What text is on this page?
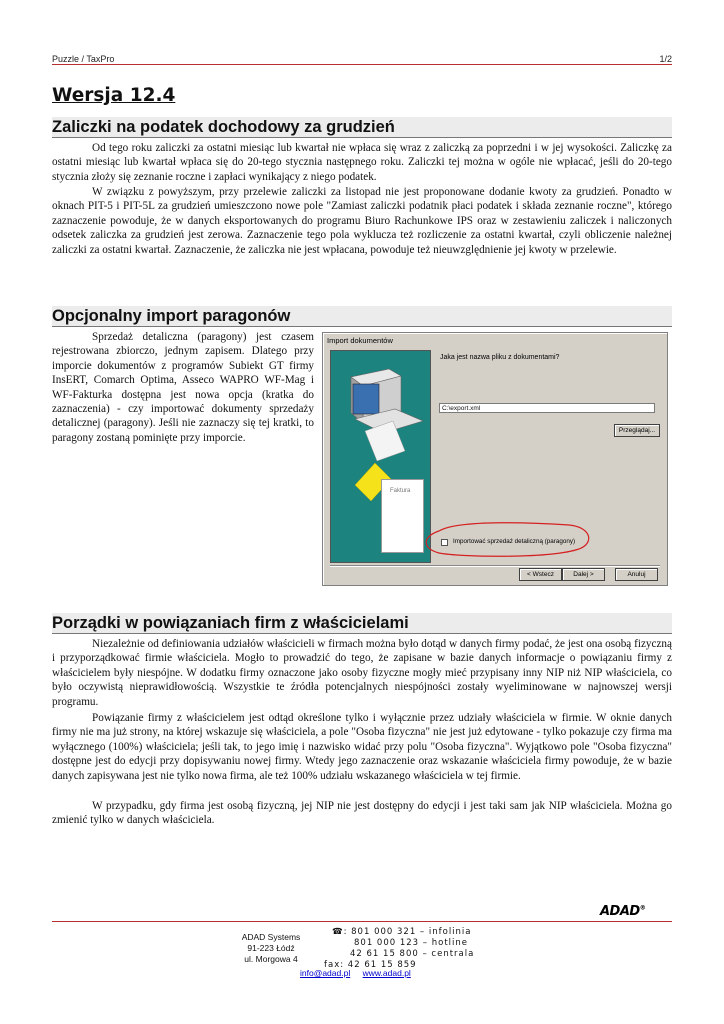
Puzzle / TaxPro	1/2
Wersja 12.4
Zaliczki na podatek dochodowy za grudzień

Od tego roku zaliczki za ostatni miesiąc lub kwartał nie wpłaca się wraz z zaliczką za poprzedni i w jej wysokości. Zaliczkę za ostatni miesiąc lub kwartał wpłaca się do 20-tego stycznia następnego roku. Zaliczki tej można w ogóle nie wpłacać, jeśli do 20-tego stycznia złoży się zeznanie roczne i zapłaci wynikający z niego podatek.

W związku z powyższym, przy przelewie zaliczki za listopad nie jest proponowane dodanie kwoty za grudzień. Ponadto w oknach PIT-5 i PIT-5L za grudzień umieszczono nowe pole "Zamiast zaliczki podatnik płaci podatek i składa zeznanie roczne", którego zaznaczenie powoduje, że w danych eksportowanych do programu Biuro Rachunkowe IPS oraz w zestawieniu zaliczek i naliczonych odsetek zaliczka za grudzień jest zerowa. Zaznaczenie tego pola wyklucza też rozliczenie za ostatni kwartał, czyli obliczenie należnej zaliczki za ostatni kwartał. Zaznaczenie, że zaliczka nie jest wpłacana, powoduje też nieuwzględnienie jej kwoty w przelewie.

Opcjonalny import paragonów

Sprzedaż detaliczna (paragony) jest czasem rejestrowana zbiorczo, jednym zapisem. Dlatego przy imporcie dokumentów z programów Subiekt GT firmy InsERT, Comarch Optima, Asseco WAPRO WF-Mag i WF-Fakturka dostępna jest nowa opcja (kratka do zaznaczenia) - czy importować dokumenty sprzedaży detalicznej (paragony). Jeśli nie zaznaczy się tej kratki, to paragony zostaną pominięte przy imporcie.

Import dokumentów
Faktura
Jaka jest nazwa pliku z dokumentami?
C:\export.xml
Przeglądaj...
Importować sprzedaż detaliczną (paragony)
< Wstecz	Dalej >	Anuluj
Porządki w powiązaniach firm z właścicielami

Niezależnie od definiowania udziałów właścicieli w firmach można było dotąd w danych firmy podać, że jest ona osobą fizyczną i przyporządkować firmie właściciela. Mogło to prowadzić do tego, że zapisane w bazie danych informacje o powiązaniu firmy z właścicielem były niespójne. W dodatku firmy oznaczone jako osoby fizyczne mogły mieć przypisany inny NIP niż NIP właściciela, co było oczywistą nieprawidłowością. Wszystkie te źródła potencjalnych niespójności zostały wyeliminowane w najnowszej wersji programu.

Powiązanie firmy z właścicielem jest odtąd określone tylko i wyłącznie przez udziały właściciela w firmie. W oknie danych firmy nie ma już strony, na której wskazuje się właściciela, a pole "Osoba fizyczna" nie jest już edytowane - tylko pokazuje czy firma ma wyłącznego (100%) właściciela; jeśli tak, to jego imię i nazwisko widać przy polu "Osoba fizyczna". Wyjątkowo pole "Osoba fizyczna" dostępne jest do edycji przy dopisywaniu nowej firmy. Wtedy jego zaznaczenie oraz wskazanie właściciela firmy powoduje, że w bazie danych zapisywana jest nie tylko nowa firma, ale też 100% udziału wskazanego właściciela w tej firmie.

W przypadku, gdy firma jest osobą fizyczną, jej NIP nie jest dostępny do edycji i jest taki sam jak NIP właściciela. Można go zmienić tylko w danych właściciela.

ADAD®
ADAD Systems
91-223 Łódź
ul. Morgowa 4
☎: 801 000 321 – infolinia
801 000 123 – hotline
42 61 15 800 – centrala
fax: 42 61 15 859
info@adad.pl www.adad.pl
